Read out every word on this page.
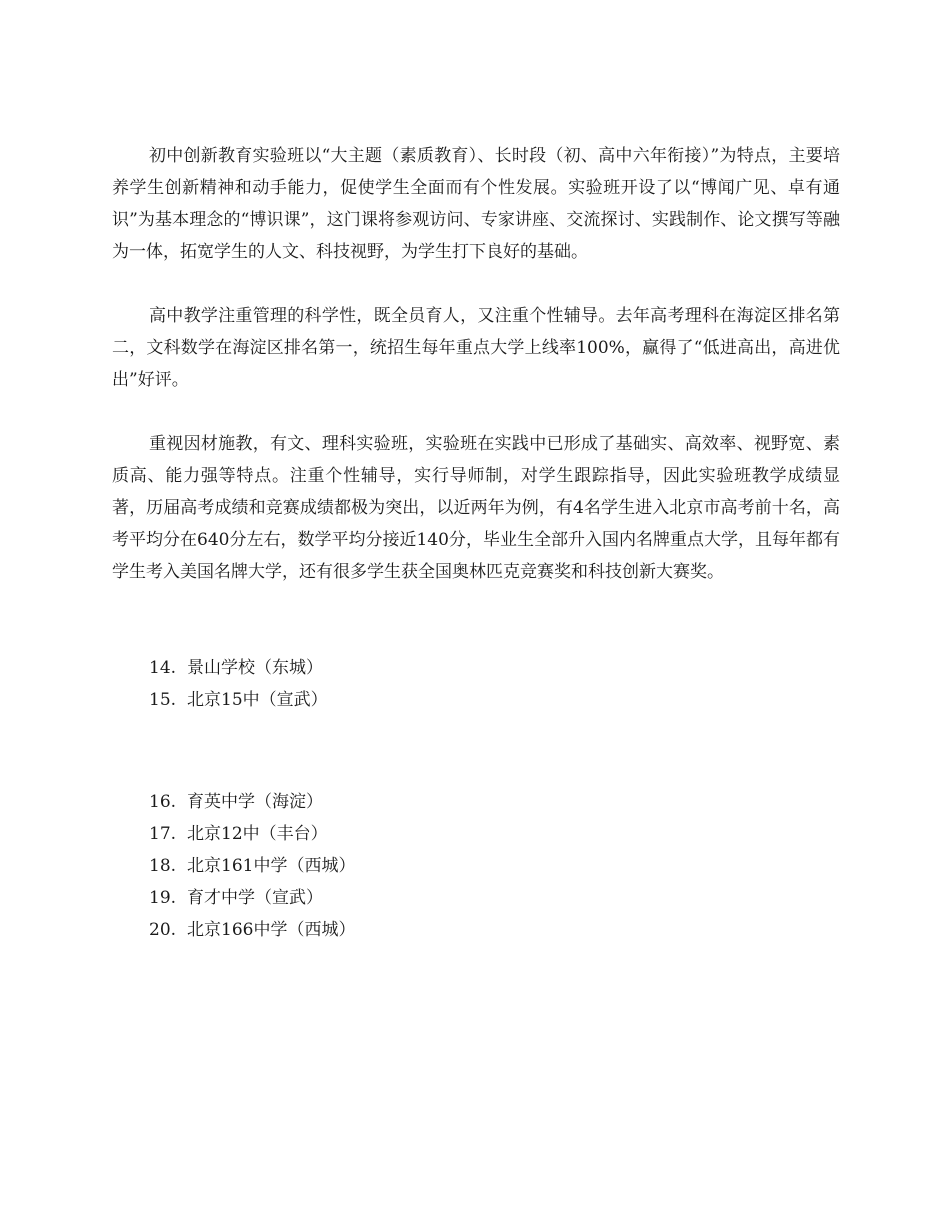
初中创新教育实验班以“大主题（素质教育）、长时段（初、高中六年衔接）”为特点，主要培养学生创新精神和动手能力，促使学生全面而有个性发展。实验班开设了以“博闻广见、卓有通识”为基本理念的“博识课”，这门课将参观访问、专家讲座、交流探讨、实践制作、论文撰写等融为一体，拓宽学生的人文、科技视野，为学生打下良好的基础。

高中教学注重管理的科学性，既全员育人，又注重个性辅导。去年高考理科在海淀区排名第二，文科数学在海淀区排名第一，统招生每年重点大学上线率100%，赢得了“低进高出，高进优出”好评。

重视因材施教，有文、理科实验班，实验班在实践中已形成了基础实、高效率、视野宽、素质高、能力强等特点。注重个性辅导，实行导师制，对学生跟踪指导，因此实验班教学成绩显著，历届高考成绩和竞赛成绩都极为突出，以近两年为例，有4名学生进入北京市高考前十名，高考平均分在640分左右，数学平均分接近140分，毕业生全部升入国内名牌重点大学，且每年都有学生考入美国名牌大学，还有很多学生获全国奥林匹克竞赛奖和科技创新大赛奖。

14. 景山学校（东城）
15. 北京15中（宣武）
16. 育英中学（海淀）
17. 北京12中（丰台）
18. 北京161中学（西城）
19. 育才中学（宣武）
20. 北京166中学（西城）
